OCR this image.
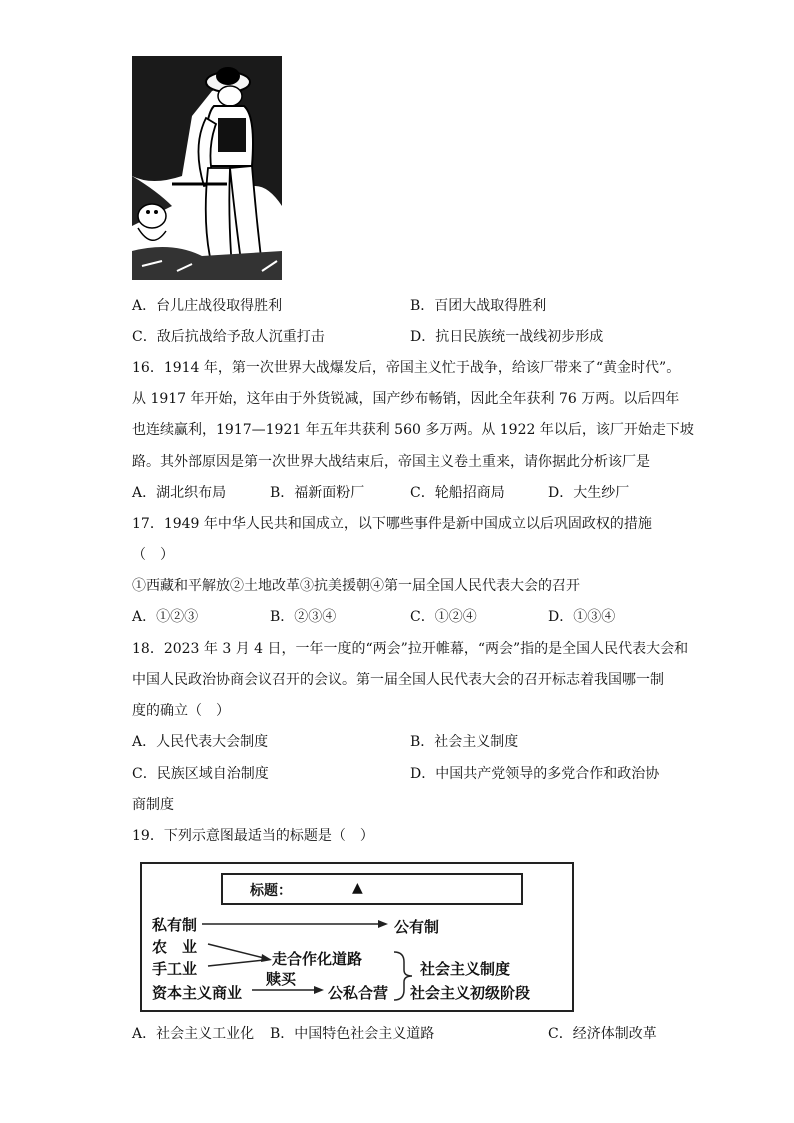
A．台儿庄战役取得胜利	B．百团大战取得胜利
C．敌后抗战给予敌人沉重打击	D．抗日民族统一战线初步形成
16．1914 年，第一次世界大战爆发后，帝国主义忙于战争，给该厂带来了“黄金时代”。
从 1917 年开始，这年由于外货锐减，国产纱布畅销，因此全年获利 76 万两。以后四年
也连续赢利，1917—1921 年五年共获利 560 多万两。从 1922 年以后，该厂开始走下坡
路。其外部原因是第一次世界大战结束后，帝国主义卷土重来，请你据此分析该厂是
A．湖北织布局	B．福新面粉厂	C．轮船招商局	D．大生纱厂
17．1949 年中华人民共和国成立，以下哪些事件是新中国成立以后巩固政权的措施
（　）
①西藏和平解放②土地改革③抗美援朝④第一届全国人民代表大会的召开
A．①②③	B．②③④	C．①②④	D．①③④
18．2023 年 3 月 4 日，一年一度的“两会”拉开帷幕，“两会”指的是全国人民代表大会和
中国人民政治协商会议召开的会议。第一届全国人民代表大会的召开标志着我国哪一制
度的确立（　）
A．人民代表大会制度	B．社会主义制度
C．民族区域自治制度	D．中国共产党领导的多党合作和政治协
商制度
19．下列示意图最适当的标题是（　）
标题：	▲
私有制	公有制
农　业
手工业
资本主义商业
走合作化道路
赎买
公私合营
社会主义制度
社会主义初级阶段
A．社会主义工业化 B．中国特色社会主义道路	C．经济体制改革
